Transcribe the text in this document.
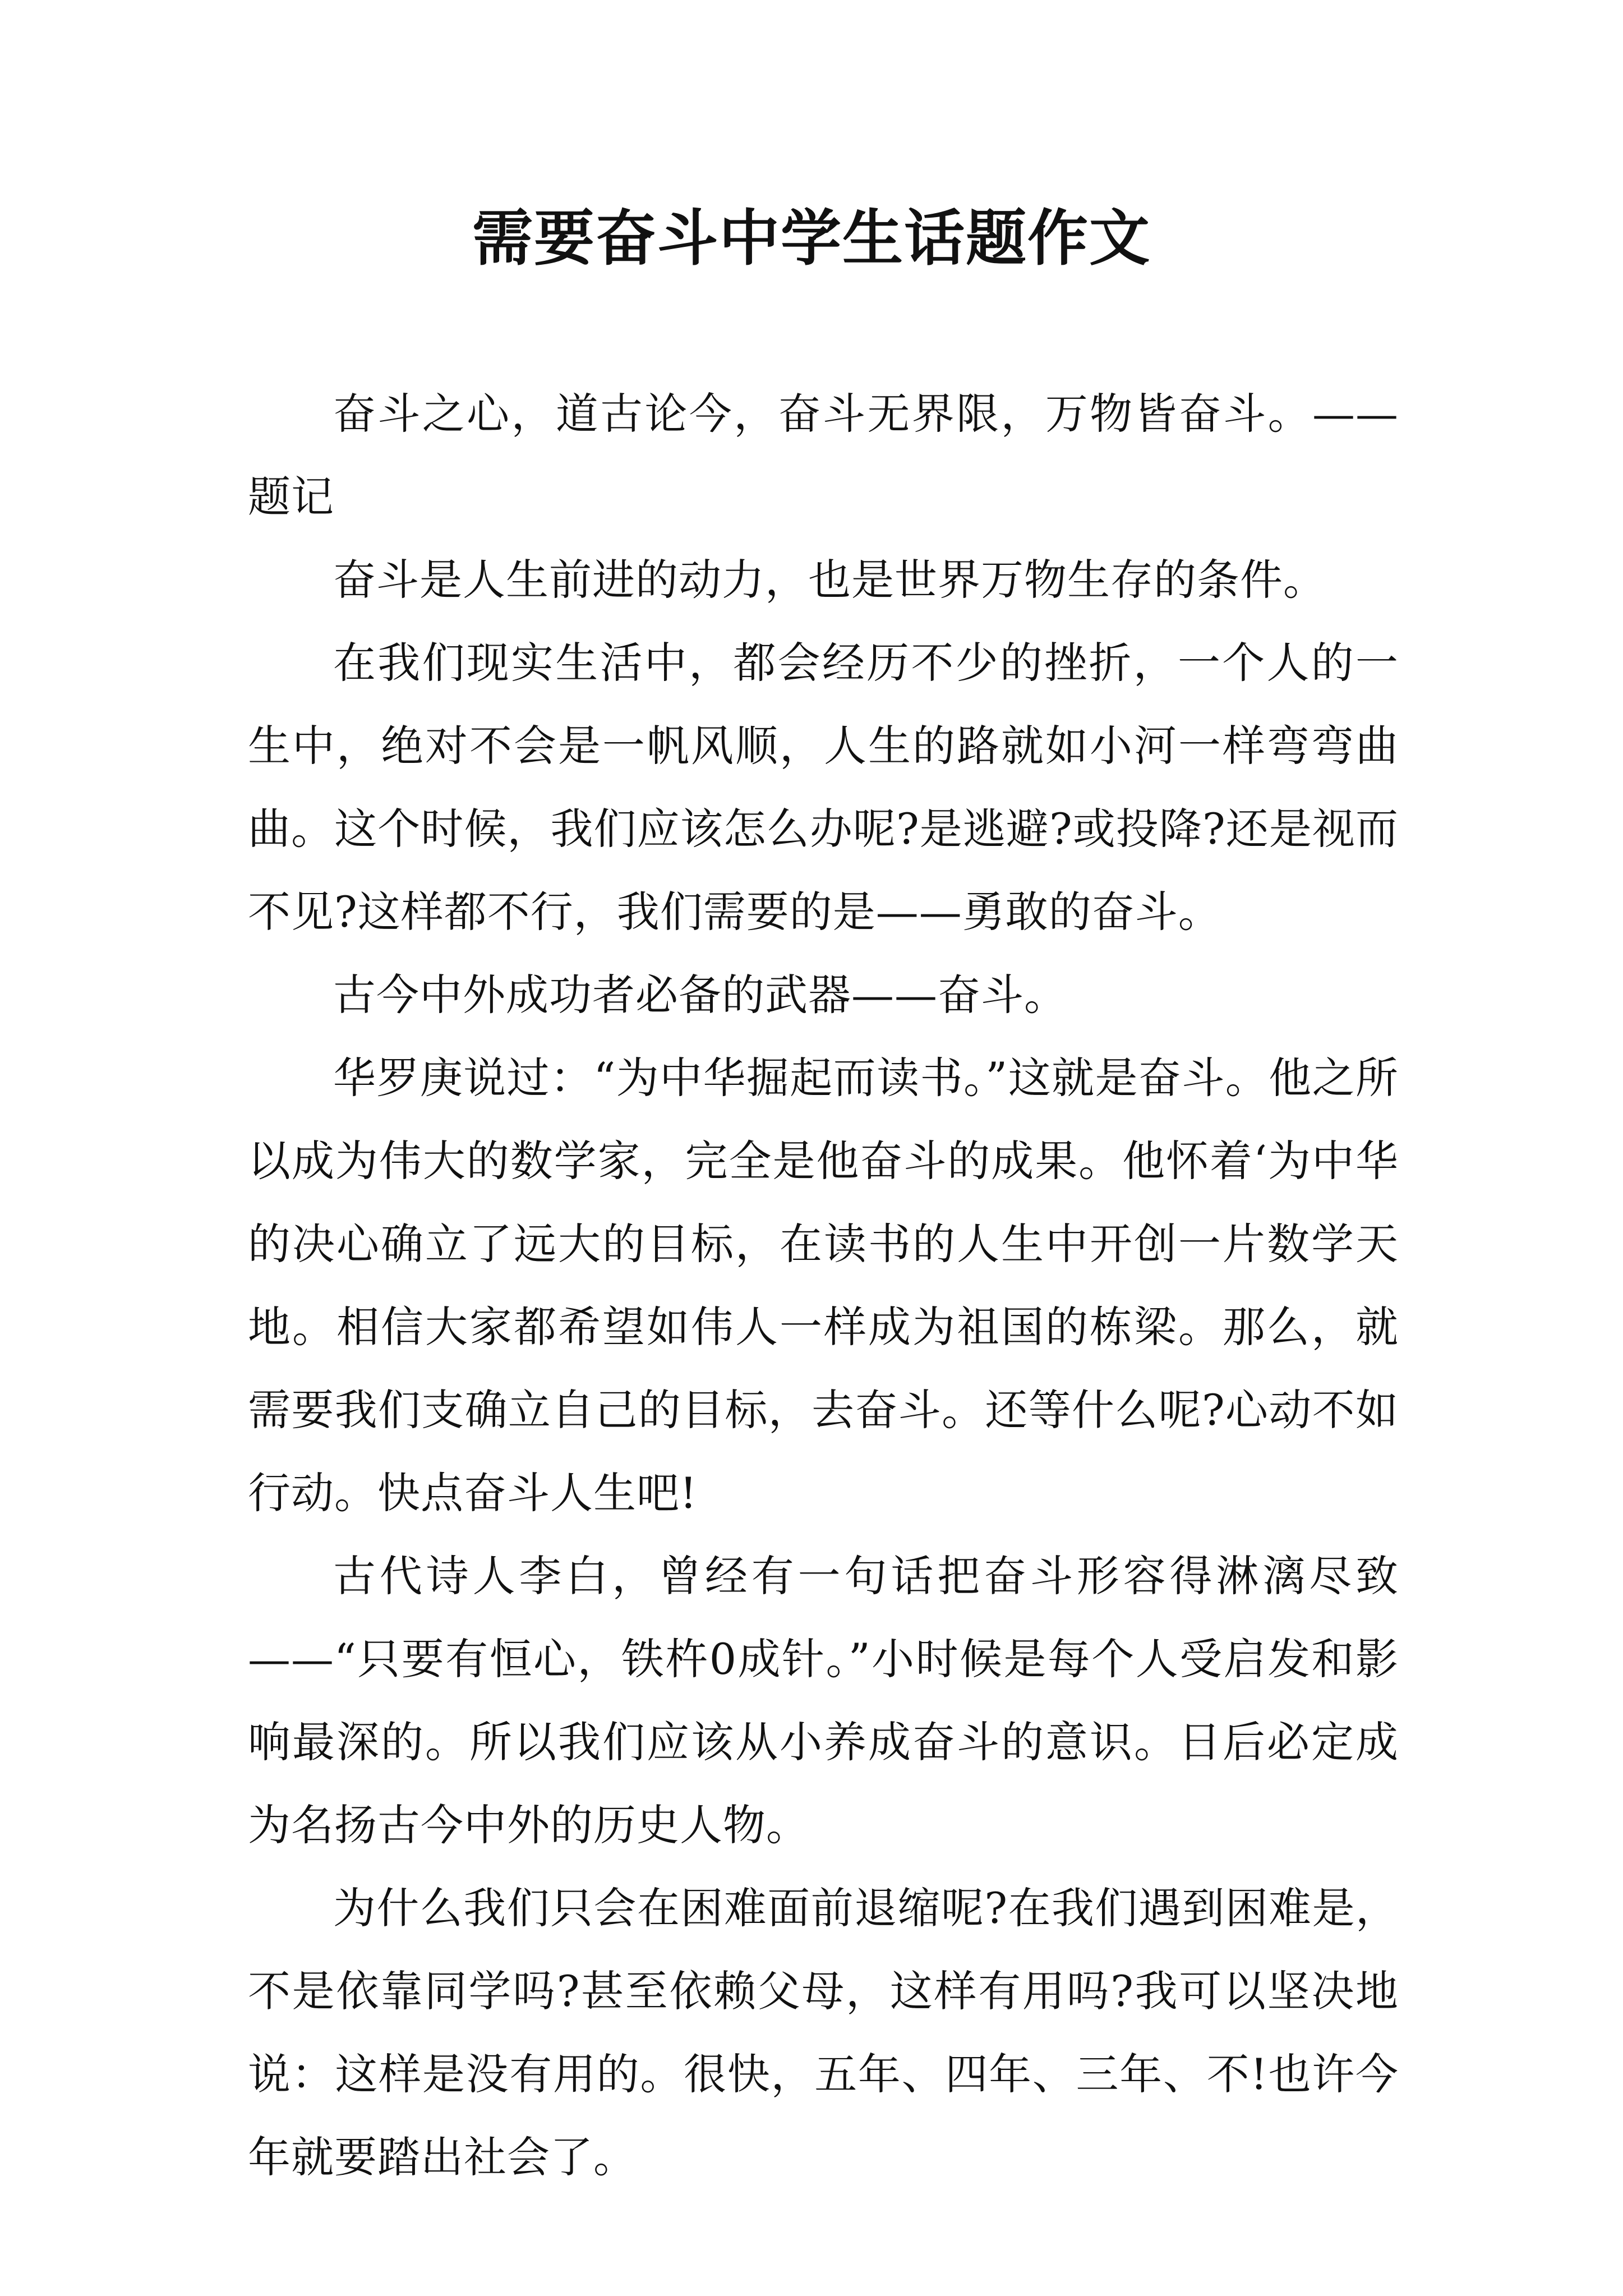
需要奋斗中学生话题作文

奋斗之心，道古论今，奋斗无界限，万物皆奋斗。——题记

奋斗是人生前进的动力，也是世界万物生存的条件。

在我们现实生活中，都会经历不少的挫折，一个人的一生中，绝对不会是一帆风顺，人生的路就如小河一样弯弯曲曲。这个时候，我们应该怎么办呢?是逃避?或投降?还是视而不见?这样都不行，我们需要的是——勇敢的奋斗。

古今中外成功者必备的武器——奋斗。

华罗庚说过：“为中华掘起而读书。”这就是奋斗。他之所以成为伟大的数学家，完全是他奋斗的成果。他怀着‘为中华的决心确立了远大的目标，在读书的人生中开创一片数学天地。相信大家都希望如伟人一样成为祖国的栋梁。那么，就需要我们支确立自己的目标，去奋斗。还等什么呢?心动不如行动。快点奋斗人生吧!

古代诗人李白，曾经有一句话把奋斗形容得淋漓尽致——“只要有恒心，铁杵0成针。”小时候是每个人受启发和影响最深的。所以我们应该从小养成奋斗的意识。日后必定成为名扬古今中外的历史人物。

为什么我们只会在困难面前退缩呢?在我们遇到困难是，不是依靠同学吗?甚至依赖父母，这样有用吗?我可以坚决地说：这样是没有用的。很快，五年、四年、三年、不!也许今年就要踏出社会了。
